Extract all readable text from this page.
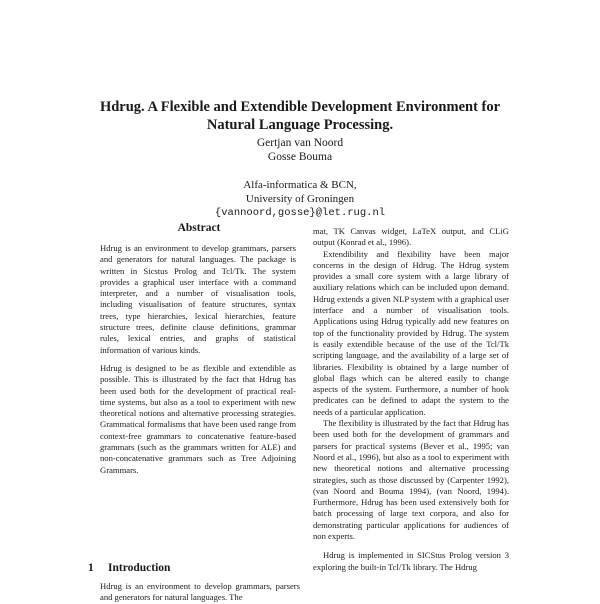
Hdrug. A Flexible and Extendible Development Environment for
Natural Language Processing.
Gertjan van Noord
Gosse Bouma
Alfa-informatica & BCN,
University of Groningen
{vannoord,gosse}@let.rug.nl
Abstract

Hdrug is an environment to develop grammars, parsers and generators for natural languages. The package is written in Sicstus Prolog and Tcl/Tk. The system provides a graphical user interface with a command interpreter, and a number of visualisation tools, including visualisation of feature structures, syntax trees, type hierarchies, lexical hierarchies, feature structure trees, definite clause definitions, grammar rules, lexical entries, and graphs of statistical information of various kinds.

Hdrug is designed to be as flexible and extendible as possible. This is illustrated by the fact that Hdrug has been used both for the development of practical real-time systems, but also as a tool to experiment with new theoretical notions and alternative processing strategies. Grammatical formalisms that have been used range from context-free grammars to concatenative feature-based grammars (such as the grammars written for ALE) and non-concatenative grammars such as Tree Adjoining Grammars.

mat, TK Canvas widget, LaTeX output, and CLiG output (Konrad et al., 1996).

Extendibility and flexibility have been major concerns in the design of Hdrug. The Hdrug system provides a small core system with a large library of auxiliary relations which can be included upon demand. Hdrug extends a given NLP system with a graphical user interface and a number of visualisation tools. Applications using Hdrug typically add new features on top of the functionality provided by Hdrug. The system is easily extendible because of the use of the Tcl/Tk scripting language, and the availability of a large set of libraries. Flexibility is obtained by a large number of global flags which can be altered easily to change aspects of the system. Furthermore, a number of hook predicates can be defined to adapt the system to the needs of a particular application.

The flexibility is illustrated by the fact that Hdrug has been used both for the development of grammars and parsers for practical systems (Bever et al., 1995; van Noord et al., 1996), but also as a tool to experiment with new theoretical notions and alternative processing strategies, such as those discussed by (Carpenter 1992), (van Noord and Bouma 1994), (van Noord, 1994). Furthermore, Hdrug has been used extensively both for batch processing of large text corpora, and also for demonstrating particular applications for audiences of non experts.

Hdrug is implemented in SICStus Prolog version 3 exploring the built-in Tcl/Tk library. The Hdrug

1 Introduction
Hdrug is an environment to develop grammars, parsers and generators for natural languages. The
